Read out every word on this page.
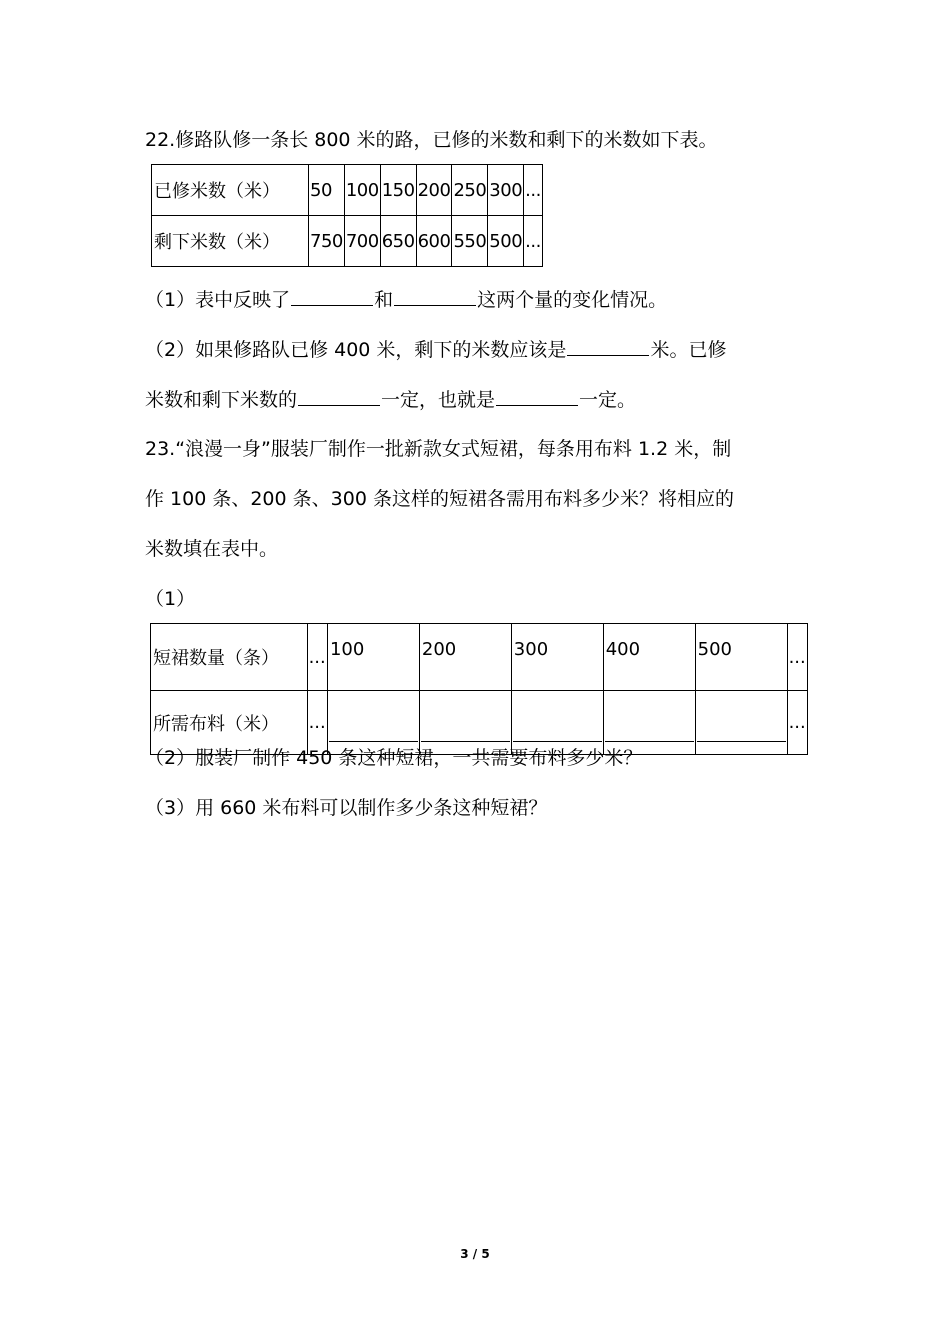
22.修路队修一条长 800 米的路，已修的米数和剩下的米数如下表。
已修米数（米）	50	100	150	200	250	300	...
剩下米数（米）	750	700	650	600	550	500	...
（1）表中反映了	和	这两个量的变化情况。
（2）如果修路队已修 400 米，剩下的米数应该是	米。已修
米数和剩下米数的	一定，也就是	一定。
23.“浪漫一身”服装厂制作一批新款女式短裙，每条用布料 1.2 米，制
作 100 条、200 条、300 条这样的短裙各需用布料多少米？将相应的
米数填在表中。
（1）
短裙数量（条）	...	100	200	300	400	500	...
所需布料（米）	...						...
（2）服装厂制作 450 条这种短裙，一共需要布料多少米？
（3）用 660 米布料可以制作多少条这种短裙？
3 / 5
